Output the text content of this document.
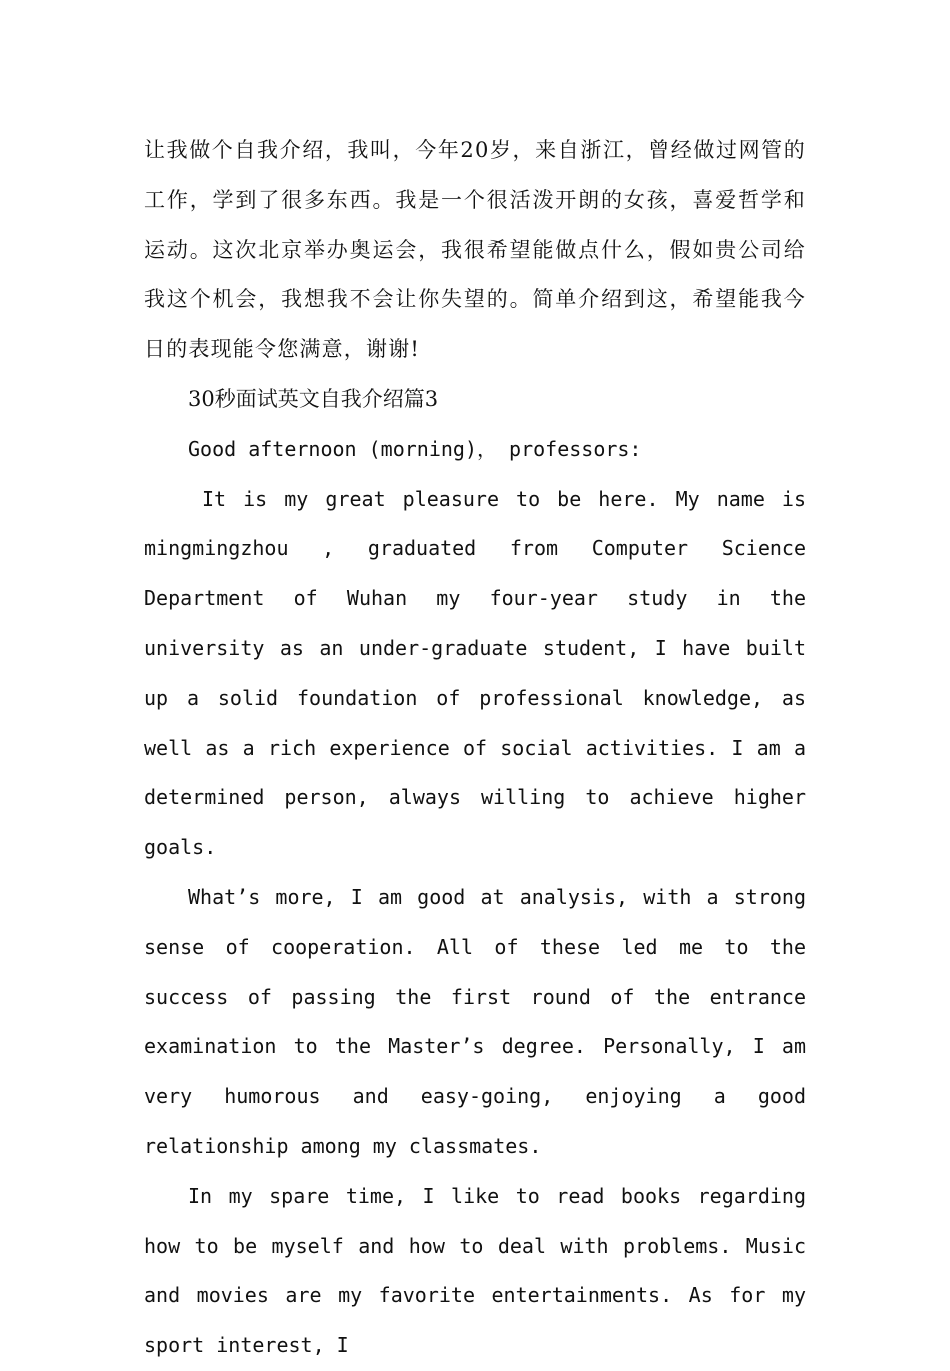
让我做个自我介绍，我叫，今年20岁，来自浙江，曾经做过网管的工作，学到了很多东西。我是一个很活泼开朗的女孩，喜爱哲学和运动。这次北京举办奥运会，我很希望能做点什么，假如贵公司给我这个机会，我想我不会让你失望的。简单介绍到这，希望能我今日的表现能令您满意，谢谢!

30秒面试英文自我介绍篇3

Good afternoon (morning)， professors:

It is my great pleasure to be here. My name is mingmingzhou , graduated from Computer Science Department of Wuhan my four-year study in the university as an under-graduate student, I have built up a solid foundation of professional knowledge, as well as a rich experience of social activities. I am a determined person, always willing to achieve higher goals.

What’s more, I am good at analysis, with a strong sense of cooperation. All of these led me to the success of passing the first round of the entrance examination to the Master’s degree. Personally, I am very humorous and easy-going, enjoying a good relationship among my classmates.

In my spare time, I like to read books regarding how to be myself and how to deal with problems. Music and movies are my favorite entertainments. As for my sport interest, I
